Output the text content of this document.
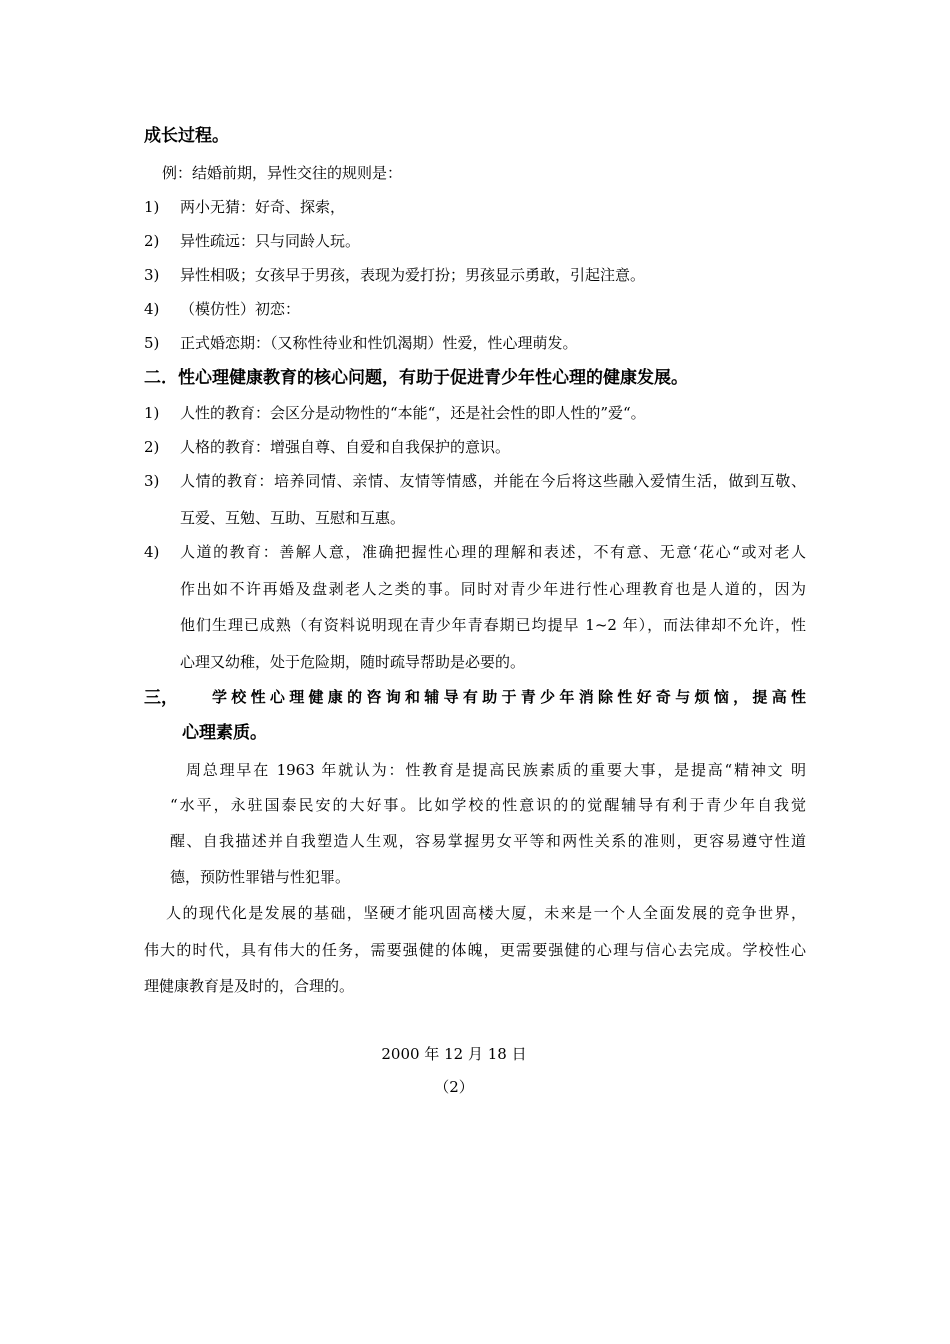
成长过程。
例：结婚前期，异性交往的规则是：
1) 两小无猜：好奇、探索，
2) 异性疏远：只与同龄人玩。
3) 异性相吸；女孩早于男孩，表现为爱打扮；男孩显示勇敢，引起注意。
4) （模仿性）初恋：
5) 正式婚恋期：（又称性待业和性饥渴期）性爱，性心理萌发。
二．性心理健康教育的核心问题，有助于促进青少年性心理的健康发展。
1) 人性的教育：会区分是动物性的“本能“，还是社会性的即人性的”爱“。
2) 人格的教育：增强自尊、自爱和自我保护的意识。
3) 人情的教育：培养同情、亲情、友情等情感，并能在今后将这些融入爱情生活，做到互敬、
互爱、互勉、互助、互慰和互惠。
4) 人道的教育：善解人意，准确把握性心理的理解和表述，不有意、无意‘花心“或对老人
作出如不许再婚及盘剥老人之类的事。同时对青少年进行性心理教育也是人道的，因为
他们生理已成熟（有资料说明现在青少年青春期已均提早 1~2 年），而法律却不允许，性
心理又幼稚，处于危险期，随时疏导帮助是必要的。
三， 学校性心理健康的咨询和辅导有助于青少年消除性好奇与烦恼，提高性
心理素质。
周总理早在 1963 年就认为：性教育是提高民族素质的重要大事，是提高“精神文 明
“水平，永驻国泰民安的大好事。比如学校的性意识的的觉醒辅导有利于青少年自我觉
醒、自我描述并自我塑造人生观，容易掌握男女平等和两性关系的准则，更容易遵守性道
德，预防性罪错与性犯罪。
人的现代化是发展的基础，坚硬才能巩固高楼大厦，未来是一个人全面发展的竞争世界，
伟大的时代，具有伟大的任务，需要强健的体魄，更需要强健的心理与信心去完成。学校性心
理健康教育是及时的，合理的。
2000 年 12 月 18 日
（2）
